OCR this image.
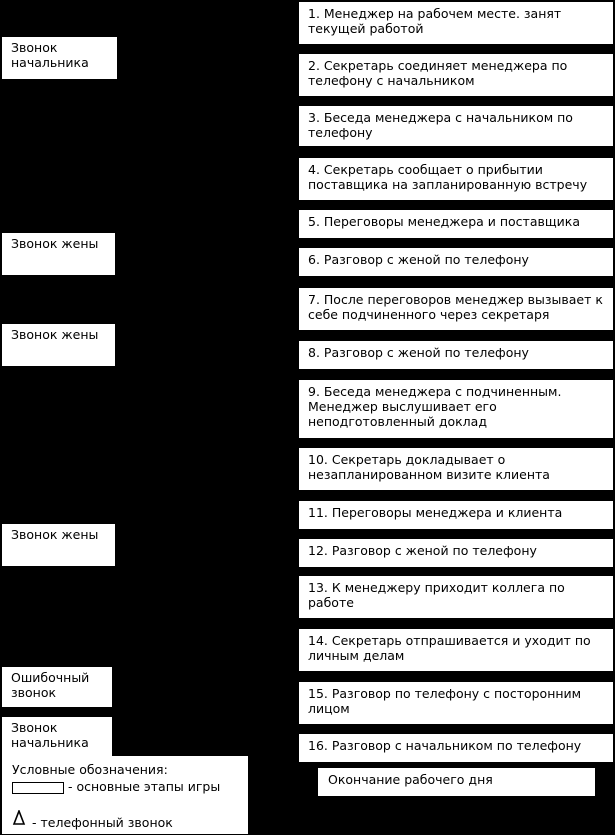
1. Менеджер на рабочем месте. занят текущей работой
2. Секретарь соединяет менеджера по телефону с начальником
3. Беседа менеджера с начальником по телефону
4. Секретарь сообщает о прибытии поставщика на запланированную встречу
5. Переговоры менеджера и поставщика
6. Разговор с женой по телефону
7. После переговоров менеджер вызывает к себе подчиненного через секретаря
8. Разговор с женой по телефону
9. Беседа менеджера с подчиненным. Менеджер выслушивает его неподготовленный доклад
10. Секретарь докладывает о незапланированном визите клиента
11. Переговоры менеджера и клиента
12. Разговор с женой по телефону
13. К менеджеру приходит коллега по работе
14. Секретарь отпрашивается и уходит по личным делам
15. Разговор по телефону с посторонним лицом
16. Разговор с начальником по телефону
Окончание рабочего дня
Звонок начальника
Звонок жены
Звонок жены
Звонок жены
Ошибочный звонок
Звонок начальника
Условные обозначения:
- основные этапы игры
- телефонный звонок
